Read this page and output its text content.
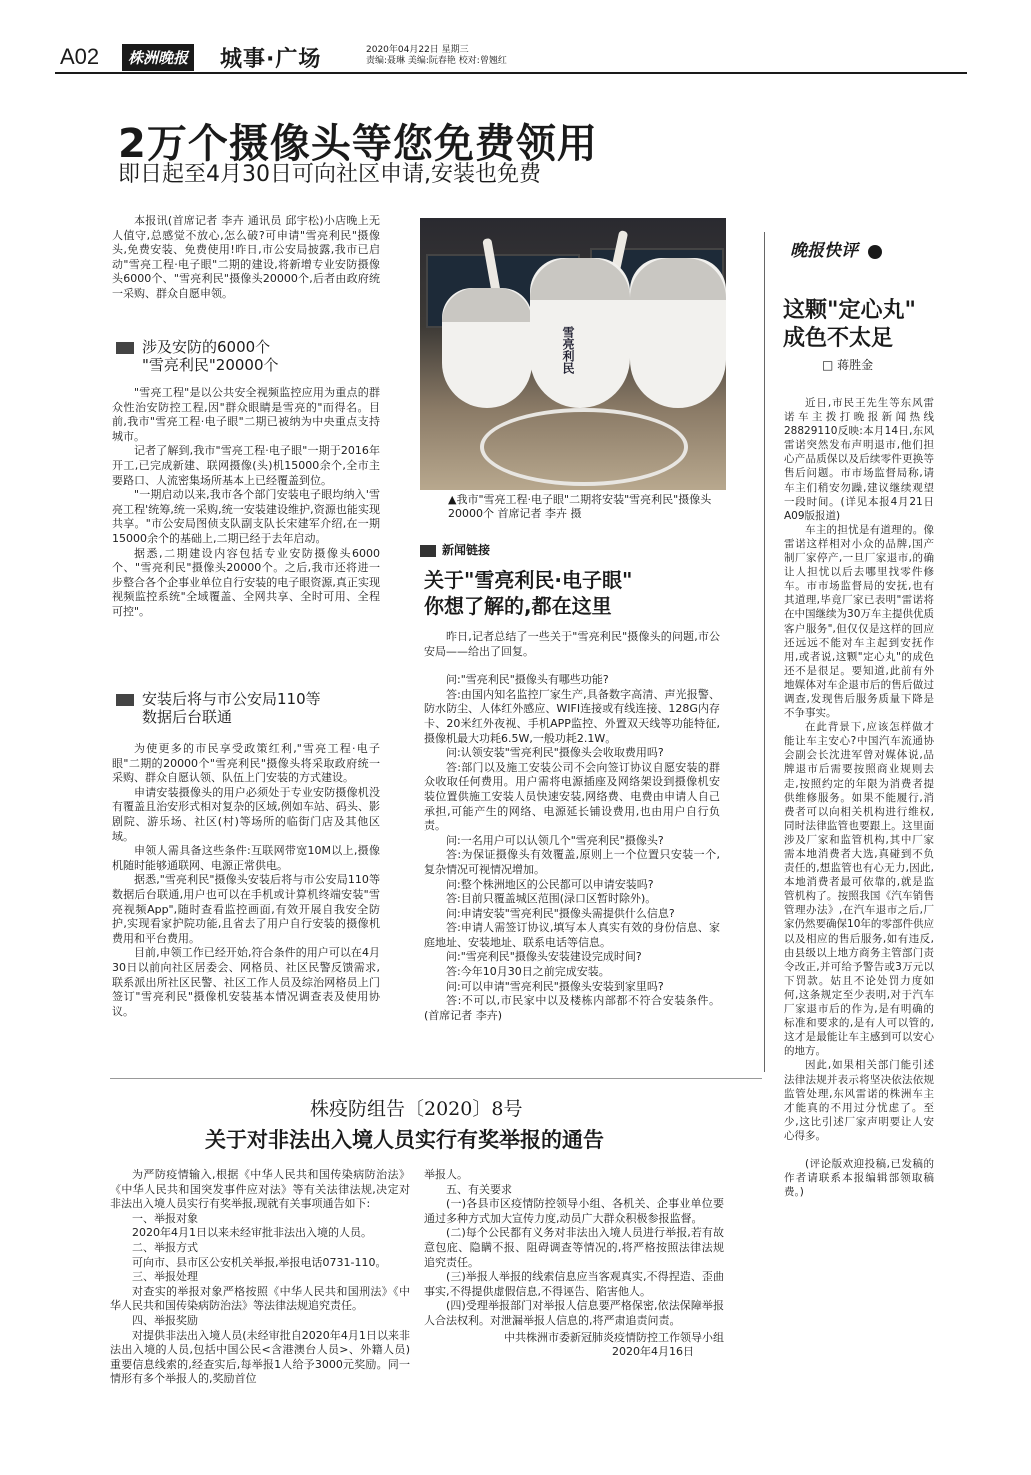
A02	株洲晚报 城事·广场	2020年04月22日 星期三
责编:聂琳 美编:阮春艳 校对:曾翘红
2万个摄像头等您免费领用
即日起至4月30日可向社区申请,安装也免费

本报讯(首席记者 李卉 通讯员 邱宇松)小店晚上无人值守,总感觉不放心,怎么破?可申请"雪亮利民"摄像头,免费安装、免费使用!昨日,市公安局披露,我市已启动"雪亮工程·电子眼"二期的建设,将新增专业安防摄像头6000个、"雪亮利民"摄像头20000个,后者由政府统一采购、群众自愿申领。

涉及安防的6000个
"雪亮利民"20000个

"雪亮工程"是以公共安全视频监控应用为重点的群众性治安防控工程,因"群众眼睛是雪亮的"而得名。目前,我市"雪亮工程·电子眼"二期已被纳为中央重点支持城市。

记者了解到,我市"雪亮工程·电子眼"一期于2016年开工,已完成新建、联网摄像(头)机15000余个,全市主要路口、人流密集场所基本上已经覆盖到位。

"一期启动以来,我市各个部门安装电子眼均纳入'雪亮工程'统筹,统一采购,统一安装建设维护,资源也能实现共享。"市公安局图侦支队副支队长宋建军介绍,在一期15000余个的基础上,二期已经于去年启动。

据悉,二期建设内容包括专业安防摄像头6000个、"雪亮利民"摄像头20000个。之后,我市还将进一步整合各个企事业单位自行安装的电子眼资源,真正实现视频监控系统"全域覆盖、全网共享、全时可用、全程可控"。

安装后将与市公安局110等
数据后台联通

为使更多的市民享受政策红利,"雪亮工程·电子眼"二期的20000个"雪亮利民"摄像头将采取政府统一采购、群众自愿认领、队伍上门安装的方式建设。

申请安装摄像头的用户必须处于专业安防摄像机没有覆盖且治安形式相对复杂的区域,例如车站、码头、影剧院、游乐场、社区(村)等场所的临街门店及其他区域。

申领人需具备这些条件:互联网带宽10M以上,摄像机随时能够通联网、电源正常供电。

据悉,"雪亮利民"摄像头安装后将与市公安局110等数据后台联通,用户也可以在手机或计算机终端安装"雪亮视频App",随时查看监控画面,有效开展自我安全防护,实现看家护院功能,且省去了用户自行安装的摄像机费用和平台费用。

目前,申领工作已经开始,符合条件的用户可以在4月30日以前向社区居委会、网格员、社区民警反馈需求,联系派出所社区民警、社区工作人员及综治网格员上门签订"雪亮利民"摄像机安装基本情况调查表及使用协议。

雪亮利民
▲我市"雪亮工程·电子眼"二期将安装"雪亮利民"摄像头20000个 首席记者 李卉 摄
新闻链接
关于"雪亮利民·电子眼"
你想了解的,都在这里

昨日,记者总结了一些关于"雪亮利民"摄像头的问题,市公安局——给出了回复。

问:"雪亮利民"摄像头有哪些功能?

答:由国内知名监控厂家生产,具备数字高清、声光报警、防水防尘、人体红外感应、WIFI连接或有线连接、128G内存卡、20米红外夜视、手机APP监控、外置双天线等功能特征,摄像机最大功耗6.5W,一般功耗2.1W。

问:认领安装"雪亮利民"摄像头会收取费用吗?

答:部门以及施工安装公司不会向签订协议自愿安装的群众收取任何费用。用户需将电源插座及网络架设到摄像机安装位置供施工安装人员快速安装,网络费、电费由申请人自己承担,可能产生的网络、电源延长铺设费用,也由用户自行负责。

问:一名用户可以认领几个"雪亮利民"摄像头?

答:为保证摄像头有效覆盖,原则上一个位置只安装一个,复杂情况可视情况增加。

问:整个株洲地区的公民都可以申请安装吗?

答:目前只覆盖城区范围(渌口区暂时除外)。

问:申请安装"雪亮利民"摄像头需提供什么信息?

答:申请人需签订协议,填写本人真实有效的身份信息、家庭地址、安装地址、联系电话等信息。

问:"雪亮利民"摄像头安装建设完成时间?

答:今年10月30日之前完成安装。

问:可以申请"雪亮利民"摄像头安装到家里吗?

答:不可以,市民家中以及楼栋内部都不符合安装条件。 (首席记者 李卉)

晚报快评
这颗"定心丸"
成色不太足
□ 蒋胜金

近日,市民王先生等东风雷诺车主拨打晚报新闻热线28829110反映:本月14日,东风雷诺突然发布声明退市,他们担心产品质保以及后续零件更换等售后问题。市市场监督局称,请车主们稍安勿躁,建议继续观望一段时间。(详见本报4月21日A09版报道)

车主的担忧是有道理的。像雷诺这样相对小众的品牌,国产制厂家停产,一旦厂家退市,的确让人担忧以后去哪里找零件修车。市市场监督局的安抚,也有其道理,毕竟厂家已表明"雷诺将在中国继续为30万车主提供优质客户服务",但仅仅是这样的回应还远远不能对车主起到安抚作用,或者说,这颗"定心丸"的成色还不是很足。要知道,此前有外地媒体对车企退市后的售后做过调查,发现售后服务质量下降是不争事实。

在此背景下,应该怎样做才能让车主安心?中国汽车流通协会副会长沈进军曾对媒体说,品牌退市后需要按照商业规则去走,按照约定的年限为消费者提供维修服务。如果不能履行,消费者可以向相关机构进行维权,同时法律监管也要跟上。这里面涉及厂家和监管机构,其中厂家需本地消费者大选,真碰到不负责任的,想监管也有心无力,因此,本地消费者最可依靠的,就是监管机构了。按照我国《汽车销售管理办法》,在汽车退市之后,厂家仍然要确保10年的零部件供应以及相应的售后服务,如有违反,由县级以上地方商务主管部门责令改正,并可给予警告或3万元以下罚款。姑且不论处罚力度如何,这条规定至少表明,对于汽车厂家退市后的作为,是有明确的标准和要求的,是有人可以管的,这才是最能让车主感到可以安心的地方。

因此,如果相关部门能引述法律法规并表示将坚决依法依规监管处理,东风雷诺的株洲车主才能真的不用过分忧虑了。至少,这比引述厂家声明要让人安心得多。

(评论版欢迎投稿,已发稿的作者请联系本报编辑部领取稿费。)

株疫防组告〔2020〕8号
关于对非法出入境人员实行有奖举报的通告

为严防疫情输入,根据《中华人民共和国传染病防治法》《中华人民共和国突发事件应对法》等有关法律法规,决定对非法出入境人员实行有奖举报,现就有关事项通告如下:

一、举报对象

2020年4月1日以来未经审批非法出入境的人员。

二、举报方式

可向市、县市区公安机关举报,举报电话0731-110。

三、举报处理

对查实的举报对象严格按照《中华人民共和国刑法》《中华人民共和国传染病防治法》等法律法规追究责任。

四、举报奖励

对提供非法出入境人员(未经审批自2020年4月1日以来非法出入境的人员,包括中国公民<含港澳台人员>、外籍人员)重要信息线索的,经查实后,每举报1人给予3000元奖励。同一情形有多个举报人的,奖励首位

举报人。

五、有关要求

(一)各县市区疫情防控领导小组、各机关、企事业单位要通过多种方式加大宣传力度,动员广大群众积极参报监督。

(二)每个公民都有义务对非法出入境人员进行举报,若有故意包庇、隐瞒不报、阻碍调查等情况的,将严格按照法律法规追究责任。

(三)举报人举报的线索信息应当客观真实,不得捏造、歪曲事实,不得提供虚假信息,不得诬告、陷害他人。

(四)受理举报部门对举报人信息要严格保密,依法保障举报人合法权利。对泄漏举报人信息的,将严肃追责问责。

中共株洲市委新冠肺炎疫情防控工作领导小组
2020年4月16日
